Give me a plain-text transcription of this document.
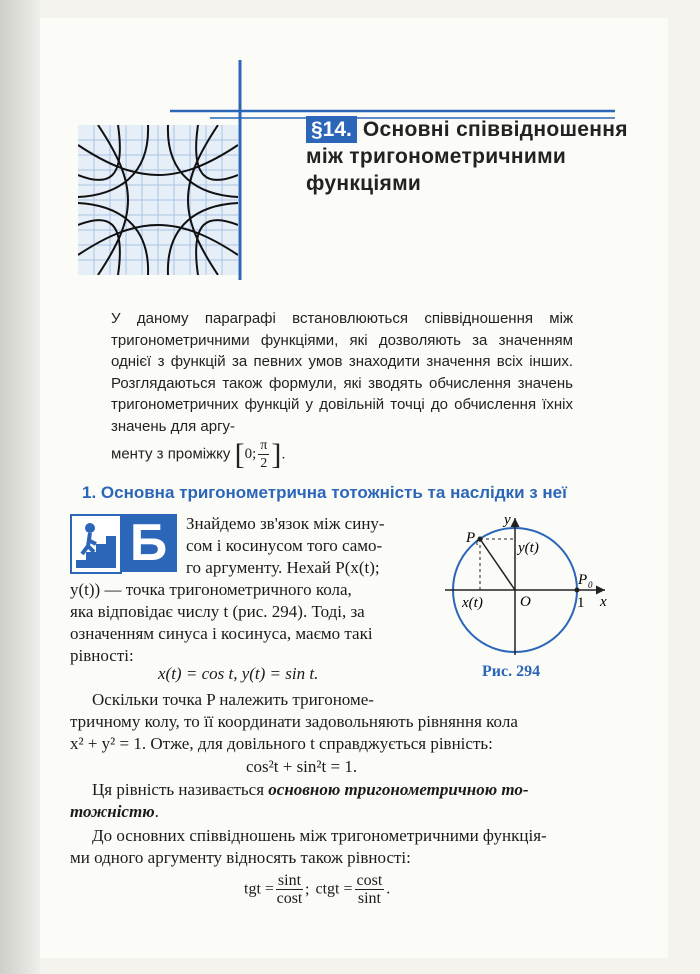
§14. Основні співвідношення
між тригонометричними
функціями
У даному параграфі встановлюються співвідношення між тригонометричними функціями, які дозволяють за значенням однієї з функцій за певних умов знаходити значення всіх інших. Розглядаються також формули, які зводять обчислення значень тригонометричних функцій у довільній точці до обчислення їхніх значень для аргу-
менту з проміжку [0; $\frac{\pi}{2}$ ].
1. Основна тригонометрична тотожність та наслідки з неї
Б	Знайдемо зв'язок між сину-
сом і косинусом того само-
го аргументу. Нехай P(x(t);
y(t)) — точка тригонометричного кола,
яка відповідає числу t (рис. 294). Тоді, за
означенням синуса і косинуса, маємо такі
рівності:
x(t) = cos t, y(t) = sin t.
y
x
P t	y(t)
x(t) O	1
P 0
Рис. 294
Оскільки точка P належить тригономе-
тричному колу, то її координати задовольняють рівняння кола
x² + y² = 1. Отже, для довільного t справджується рівність:
cos²t + sin²t = 1.
Ця рівність називається основною тригонометричною то-
тожністю.
До основних співвідношень між тригонометричними функція-
ми одного аргументу відносять також рівності:
tgt = $\frac{\sin t}{\cos t}$ ; ctgt = $\frac{\cos t}{\sin t}$ .
